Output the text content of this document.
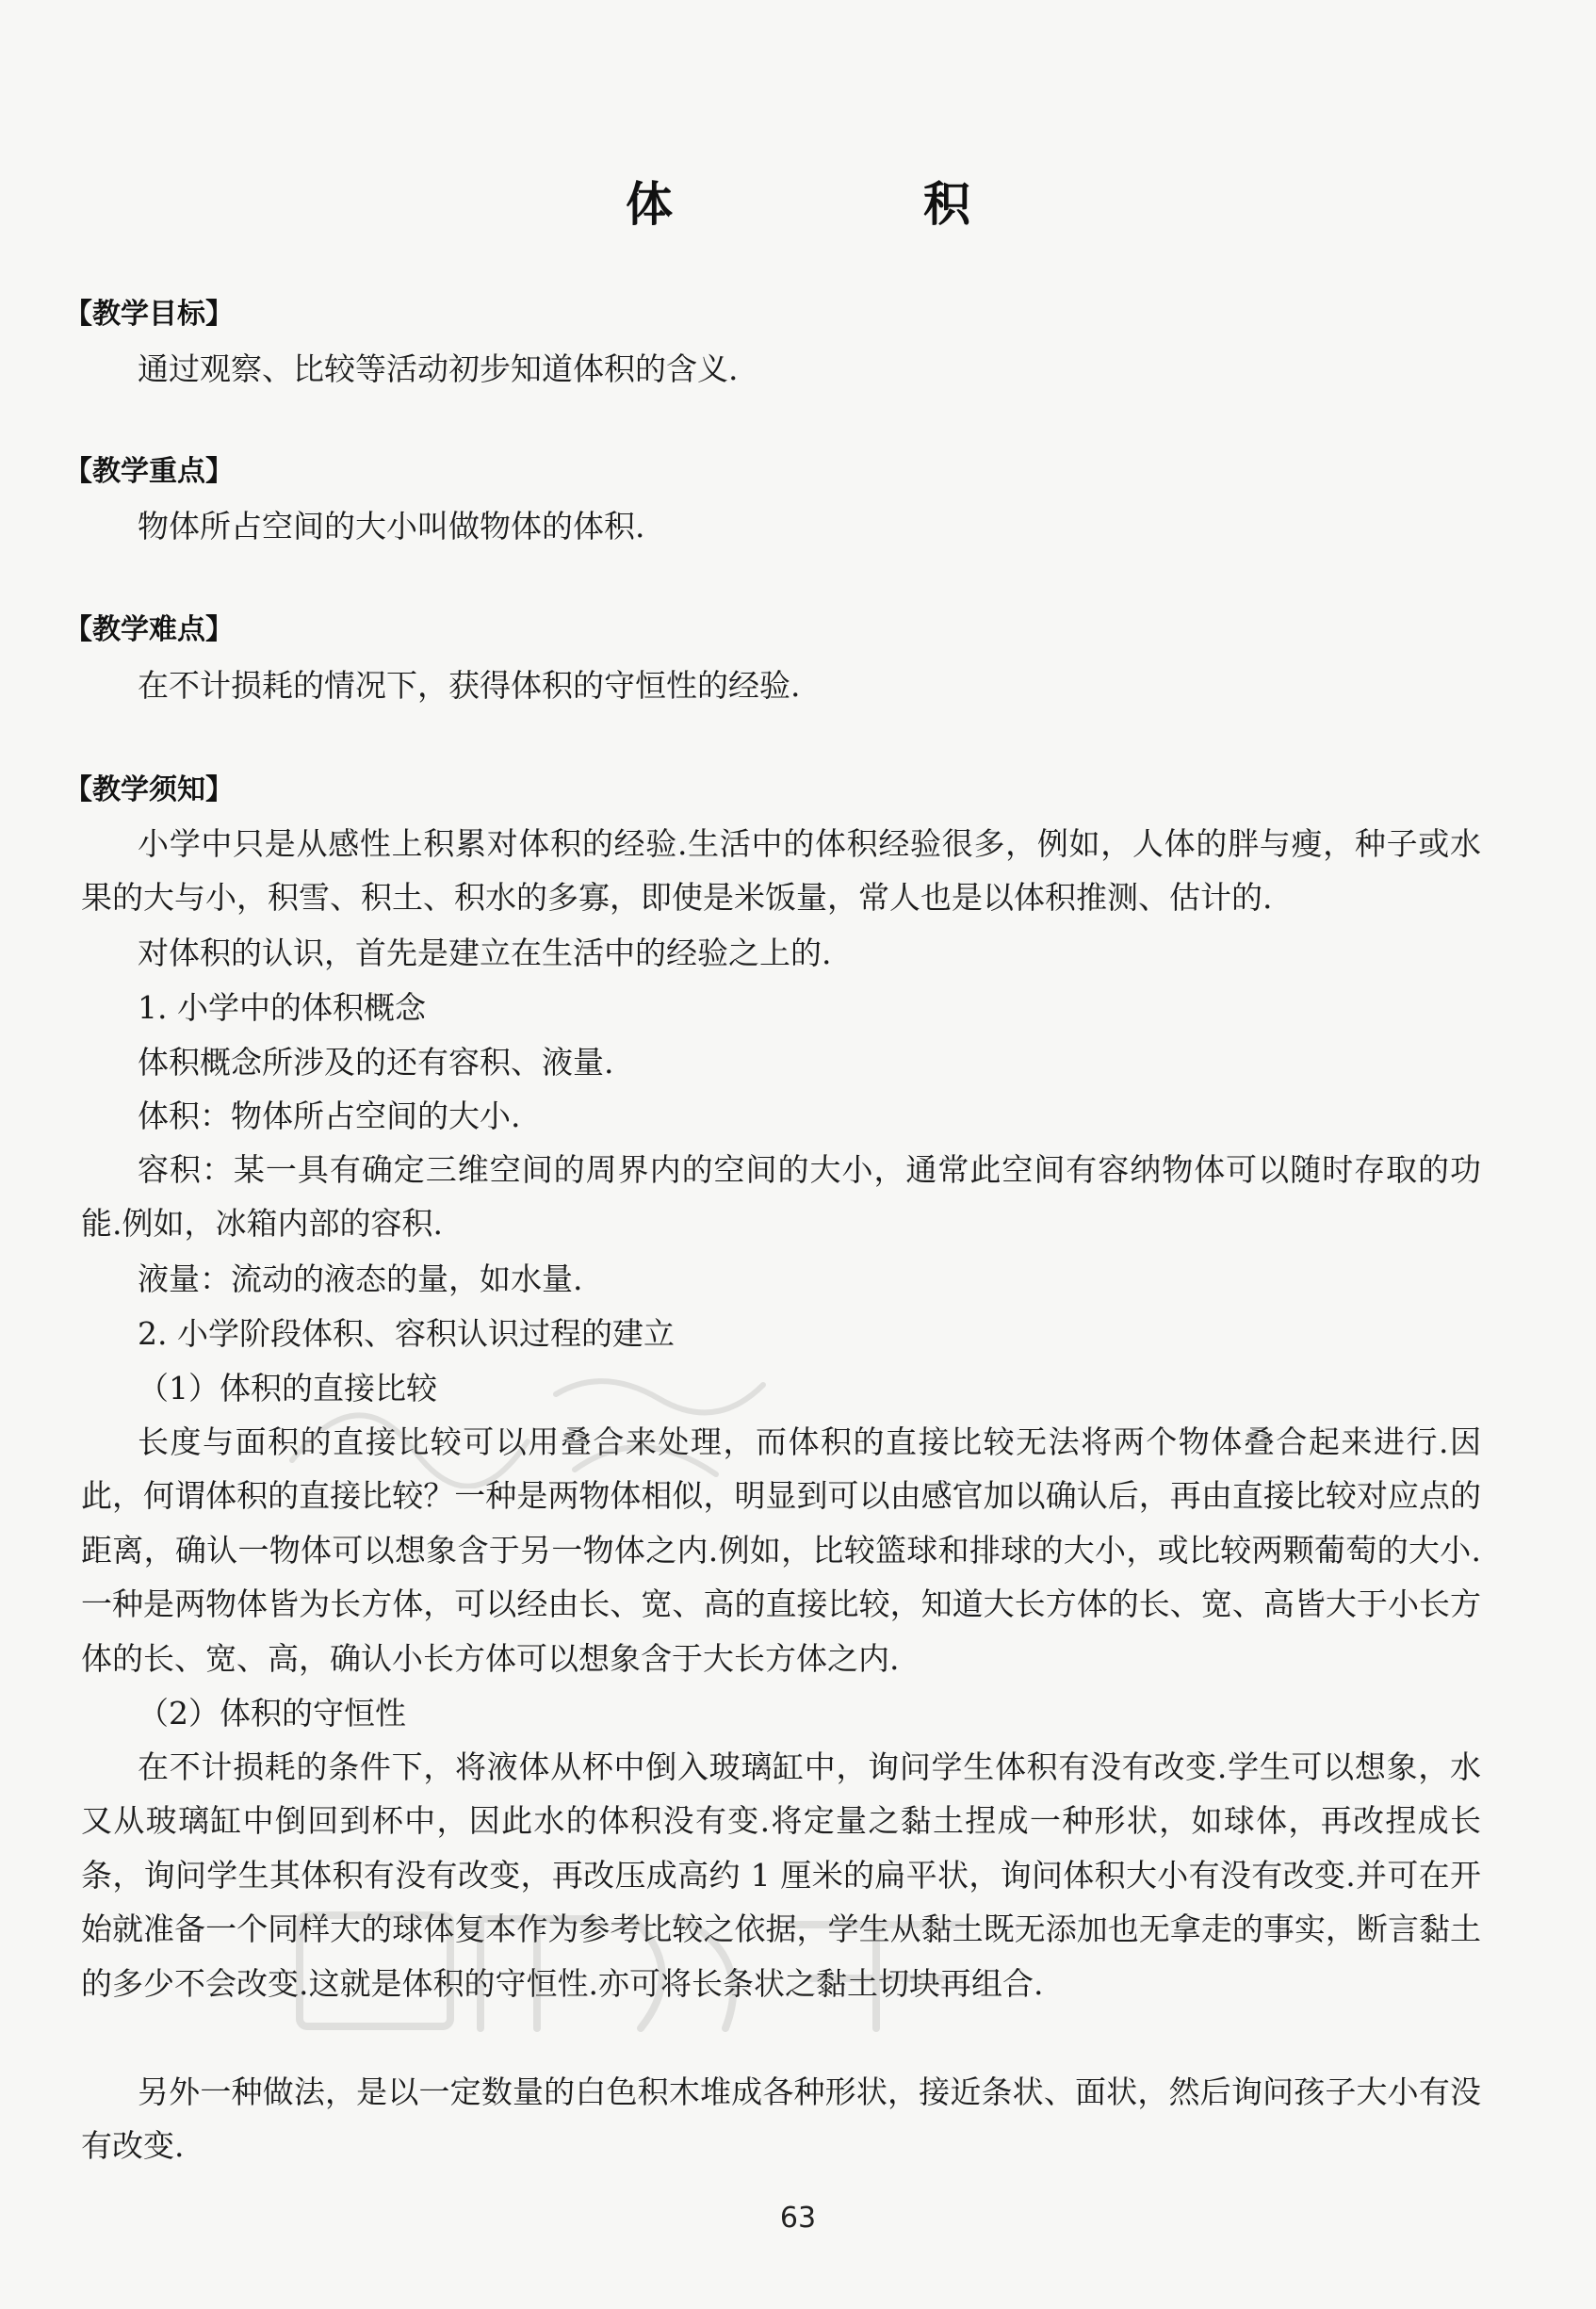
体　积
【教学目标】
通过观察、比较等活动初步知道体积的含义.
【教学重点】
物体所占空间的大小叫做物体的体积.
【教学难点】
在不计损耗的情况下，获得体积的守恒性的经验.
【教学须知】
小学中只是从感性上积累对体积的经验.生活中的体积经验很多，例如，人体的胖与瘦，种子或水果的大与小，积雪、积土、积水的多寡，即使是米饭量，常人也是以体积推测、估计的.
对体积的认识，首先是建立在生活中的经验之上的.
1. 小学中的体积概念
体积概念所涉及的还有容积、液量.
体积：物体所占空间的大小.
容积：某一具有确定三维空间的周界内的空间的大小，通常此空间有容纳物体可以随时存取的功能.例如，冰箱内部的容积.
液量：流动的液态的量，如水量.
2. 小学阶段体积、容积认识过程的建立
（1）体积的直接比较
长度与面积的直接比较可以用叠合来处理，而体积的直接比较无法将两个物体叠合起来进行.因此，何谓体积的直接比较？一种是两物体相似，明显到可以由感官加以确认后，再由直接比较对应点的距离，确认一物体可以想象含于另一物体之内.例如，比较篮球和排球的大小，或比较两颗葡萄的大小.一种是两物体皆为长方体，可以经由长、宽、高的直接比较，知道大长方体的长、宽、高皆大于小长方体的长、宽、高，确认小长方体可以想象含于大长方体之内.
（2）体积的守恒性
在不计损耗的条件下，将液体从杯中倒入玻璃缸中，询问学生体积有没有改变.学生可以想象，水又从玻璃缸中倒回到杯中，因此水的体积没有变.将定量之黏土捏成一种形状，如球体，再改捏成长条，询问学生其体积有没有改变，再改压成高约 1 厘米的扁平状，询问体积大小有没有改变.并可在开始就准备一个同样大的球体复本作为参考比较之依据，学生从黏土既无添加也无拿走的事实，断言黏土的多少不会改变.这就是体积的守恒性.亦可将长条状之黏土切块再组合.
另外一种做法，是以一定数量的白色积木堆成各种形状，接近条状、面状，然后询问孩子大小有没有改变.
63
